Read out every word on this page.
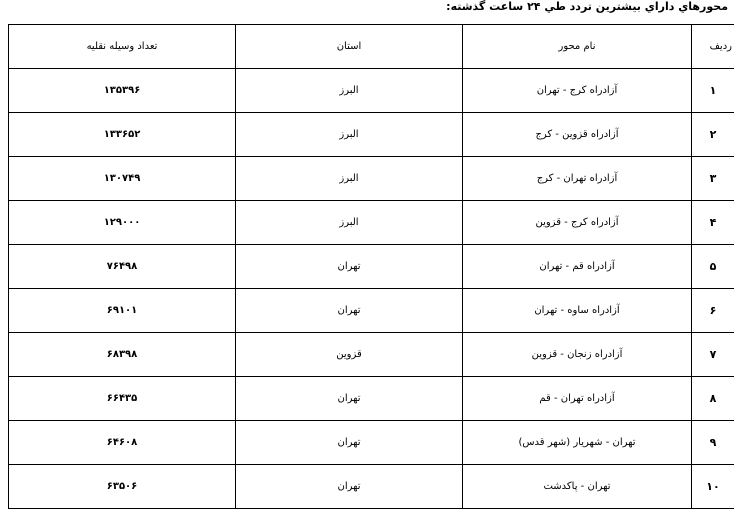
محورهاي داراي بيشترين تردد طي ۲۴ ساعت گذشته:
رديف	نام محور	استان	تعداد وسيله نقليه
۱	آزادراه کرج - تهران	البرز	۱۳۵۳۹۶
۲	آزادراه قزوين - کرج	البرز	۱۳۳۶۵۲
۳	آزادراه تهران - کرج	البرز	۱۳۰۷۴۹
۴	آزادراه کرج - قزوين	البرز	۱۲۹۰۰۰
۵	آزادراه قم - تهران	تهران	۷۶۴۹۸
۶	آزادراه ساوه - تهران	تهران	۶۹۱۰۱
۷	آزادراه زنجان - قزوين	قزوين	۶۸۳۹۸
۸	آزادراه تهران - قم	تهران	۶۶۴۳۵
۹	تهران - شهريار (شهر قدس)	تهران	۶۴۶۰۸
۱۰	تهران - پاکدشت	تهران	۶۳۵۰۶
